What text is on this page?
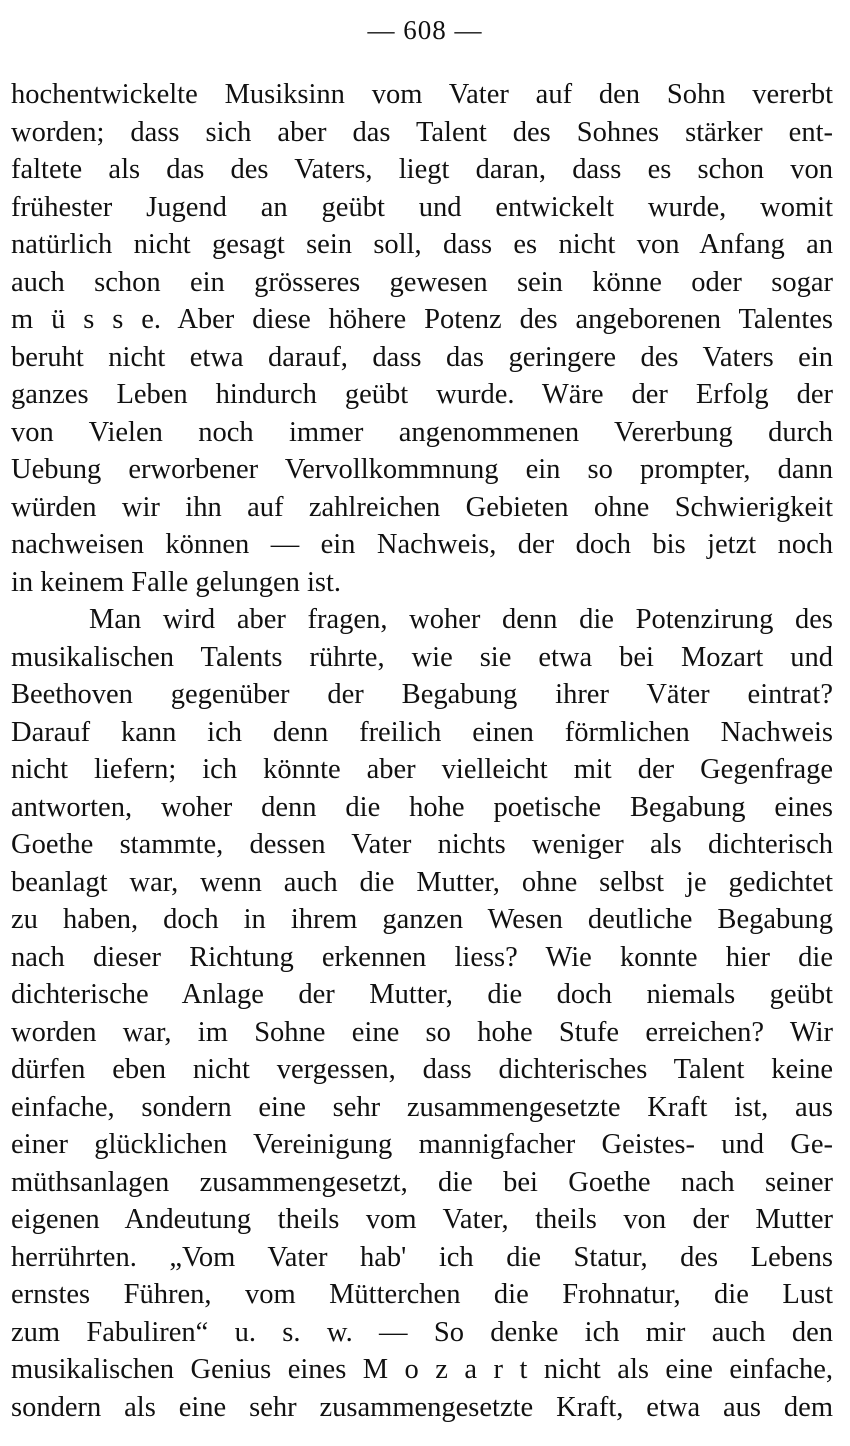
— 608 —
hochentwickelte Musiksinn vom Vater auf den Sohn vererbt
worden; dass sich aber das Talent des Sohnes stärker ent-
faltete als das des Vaters, liegt daran, dass es schon von
frühester Jugend an geübt und entwickelt wurde, womit
natürlich nicht gesagt sein soll, dass es nicht von Anfang an
auch schon ein grösseres gewesen sein könne oder sogar
m ü s s e. Aber diese höhere Potenz des angeborenen Talentes
beruht nicht etwa darauf, dass das geringere des Vaters ein
ganzes Leben hindurch geübt wurde. Wäre der Erfolg der
von Vielen noch immer angenommenen Vererbung durch
Uebung erworbener Vervollkommnung ein so prompter, dann
würden wir ihn auf zahlreichen Gebieten ohne Schwierigkeit
nachweisen können — ein Nachweis, der doch bis jetzt noch
in keinem Falle gelungen ist.
Man wird aber fragen, woher denn die Potenzirung des
musikalischen Talents rührte, wie sie etwa bei Mozart und
Beethoven gegenüber der Begabung ihrer Väter eintrat?
Darauf kann ich denn freilich einen förmlichen Nachweis
nicht liefern; ich könnte aber vielleicht mit der Gegenfrage
antworten, woher denn die hohe poetische Begabung eines
Goethe stammte, dessen Vater nichts weniger als dichterisch
beanlagt war, wenn auch die Mutter, ohne selbst je gedichtet
zu haben, doch in ihrem ganzen Wesen deutliche Begabung
nach dieser Richtung erkennen liess? Wie konnte hier die
dichterische Anlage der Mutter, die doch niemals geübt
worden war, im Sohne eine so hohe Stufe erreichen? Wir
dürfen eben nicht vergessen, dass dichterisches Talent keine
einfache, sondern eine sehr zusammengesetzte Kraft ist, aus
einer glücklichen Vereinigung mannigfacher Geistes- und Ge-
müthsanlagen zusammengesetzt, die bei Goethe nach seiner
eigenen Andeutung theils vom Vater, theils von der Mutter
herrührten. „Vom Vater hab' ich die Statur, des Lebens
ernstes Führen, vom Mütterchen die Frohnatur, die Lust
zum Fabuliren“ u. s. w. — So denke ich mir auch den
musikalischen Genius eines M o z a r t nicht als eine einfache,
sondern als eine sehr zusammengesetzte Kraft, etwa aus dem
